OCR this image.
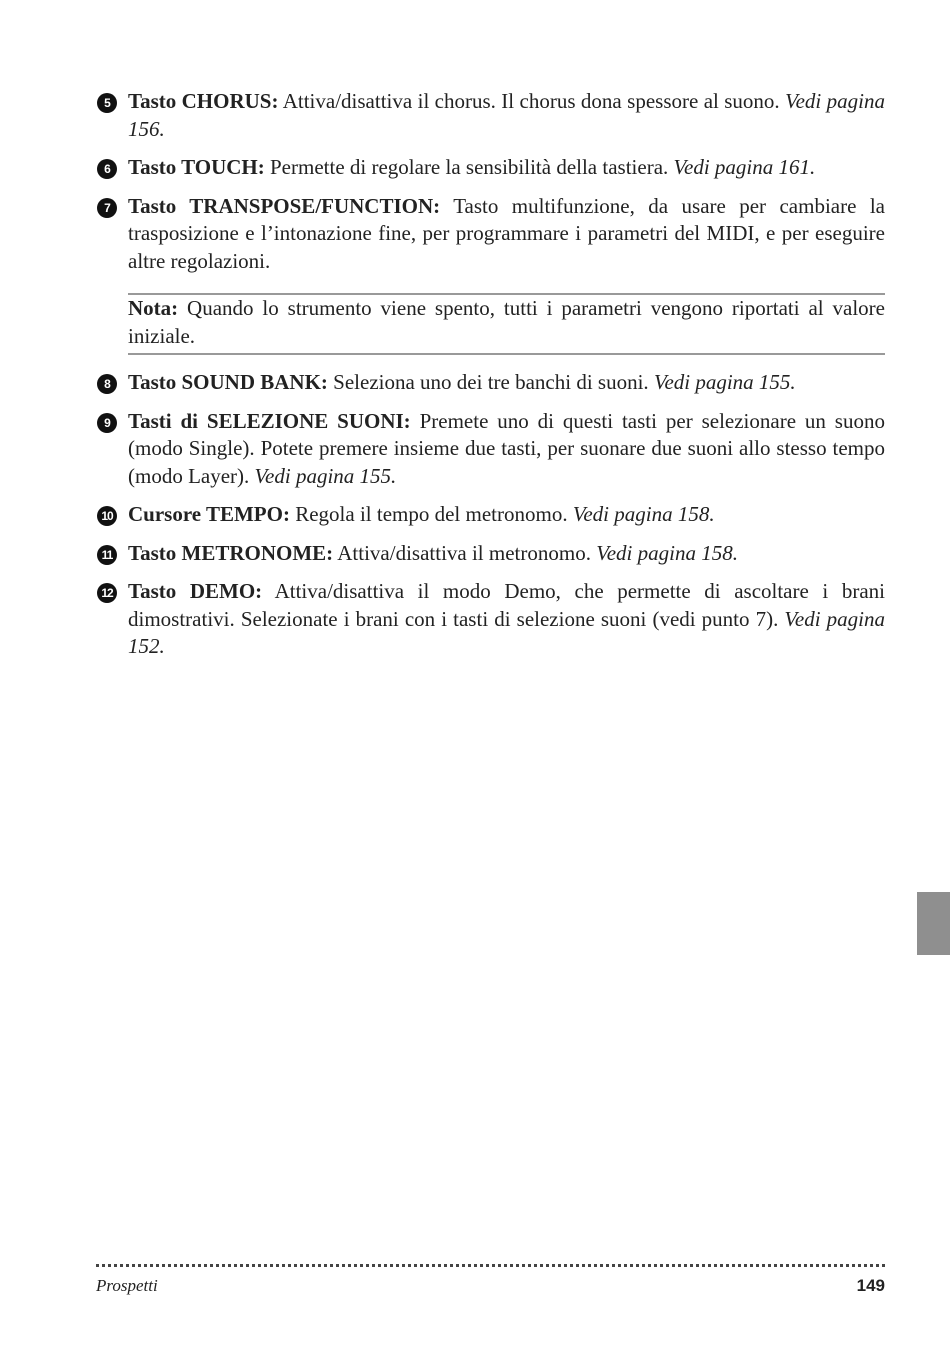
5 Tasto CHORUS: Attiva/disattiva il chorus. Il chorus dona spessore al suono. Vedi pagina 156.
6 Tasto TOUCH: Permette di regolare la sensibilità della tastiera. Vedi pagina 161.
7 Tasto TRANSPOSE/FUNCTION: Tasto multifunzione, da usare per cambiare la trasposizione e l’intonazione fine, per programmare i parametri del MIDI, e per eseguire altre regolazioni.
Nota: Quando lo strumento viene spento, tutti i parametri vengono riportati al valore iniziale.
8 Tasto SOUND BANK: Seleziona uno dei tre banchi di suoni. Vedi pagina 155.
9 Tasti di SELEZIONE SUONI: Premete uno di questi tasti per selezionare un suono (modo Single). Potete premere insieme due tasti, per suonare due suoni allo stesso tempo (modo Layer). Vedi pagina 155.
10 Cursore TEMPO: Regola il tempo del metronomo. Vedi pagina 158.
11 Tasto METRONOME: Attiva/disattiva il metronomo. Vedi pagina 158.
12 Tasto DEMO: Attiva/disattiva il modo Demo, che permette di ascoltare i brani dimostrativi. Selezionate i brani con i tasti di selezione suoni (vedi punto 7). Vedi pagina 152.
Prospetti	149
